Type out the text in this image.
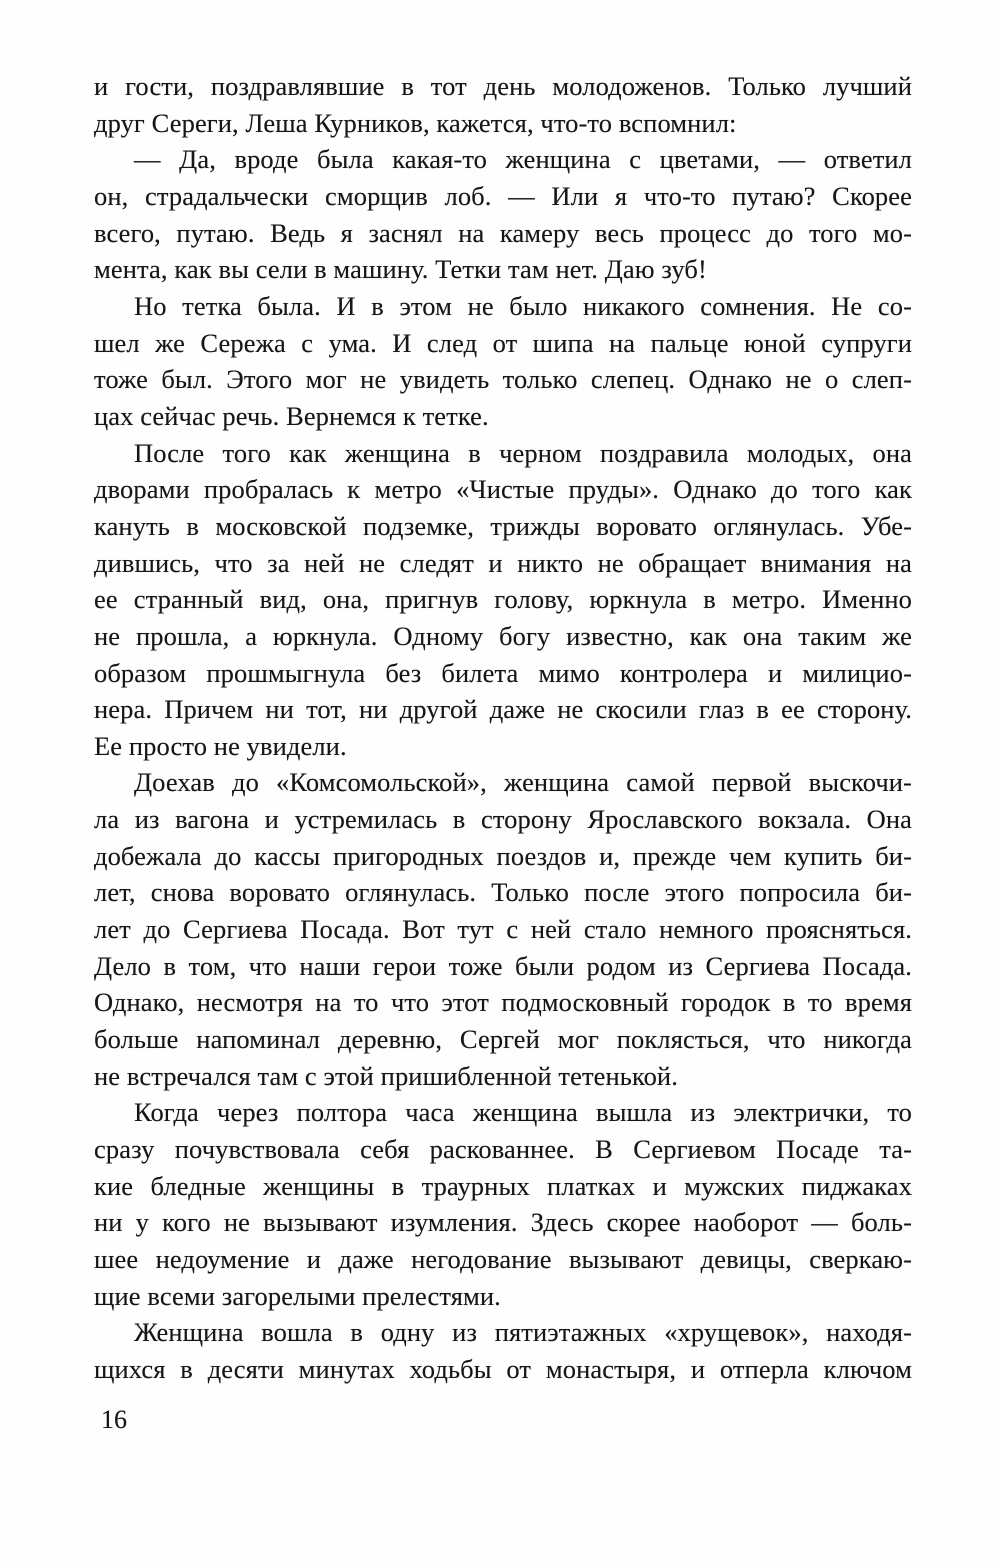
и гости, поздравлявшие в тот день молодоженов. Только лучший
друг Сереги, Леша Курников, кажется, что-то вспомнил:
— Да, вроде была какая-то женщина с цветами, — ответил
он, страдальчески сморщив лоб. — Или я что-то путаю? Скорее
всего, путаю. Ведь я заснял на камеру весь процесс до того мо-
мента, как вы сели в машину. Тетки там нет. Даю зуб!
Но тетка была. И в этом не было никакого сомнения. Не со-
шел же Сережа с ума. И след от шипа на пальце юной супруги
тоже был. Этого мог не увидеть только слепец. Однако не о слеп-
цах сейчас речь. Вернемся к тетке.
После того как женщина в черном поздравила молодых, она
дворами пробралась к метро «Чистые пруды». Однако до того как
кануть в московской подземке, трижды воровато оглянулась. Убе-
дившись, что за ней не следят и никто не обращает внимания на
ее странный вид, она, пригнув голову, юркнула в метро. Именно
не прошла, а юркнула. Одному богу известно, как она таким же
образом прошмыгнула без билета мимо контролера и милицио-
нера. Причем ни тот, ни другой даже не скосили глаз в ее сторону.
Ее просто не увидели.
Доехав до «Комсомольской», женщина самой первой выскочи-
ла из вагона и устремилась в сторону Ярославского вокзала. Она
добежала до кассы пригородных поездов и, прежде чем купить би-
лет, снова воровато оглянулась. Только после этого попросила би-
лет до Сергиева Посада. Вот тут с ней стало немного проясняться.
Дело в том, что наши герои тоже были родом из Сергиева Посада.
Однако, несмотря на то что этот подмосковный городок в то время
больше напоминал деревню, Сергей мог поклясться, что никогда
не встречался там с этой пришибленной тетенькой.
Когда через полтора часа женщина вышла из электрички, то
сразу почувствовала себя раскованнее. В Сергиевом Посаде та-
кие бледные женщины в траурных платках и мужских пиджаках
ни у кого не вызывают изумления. Здесь скорее наоборот — боль-
шее недоумение и даже негодование вызывают девицы, сверкаю-
щие всеми загорелыми прелестями.
Женщина вошла в одну из пятиэтажных «хрущевок», находя-
щихся в десяти минутах ходьбы от монастыря, и отперла ключом
16
